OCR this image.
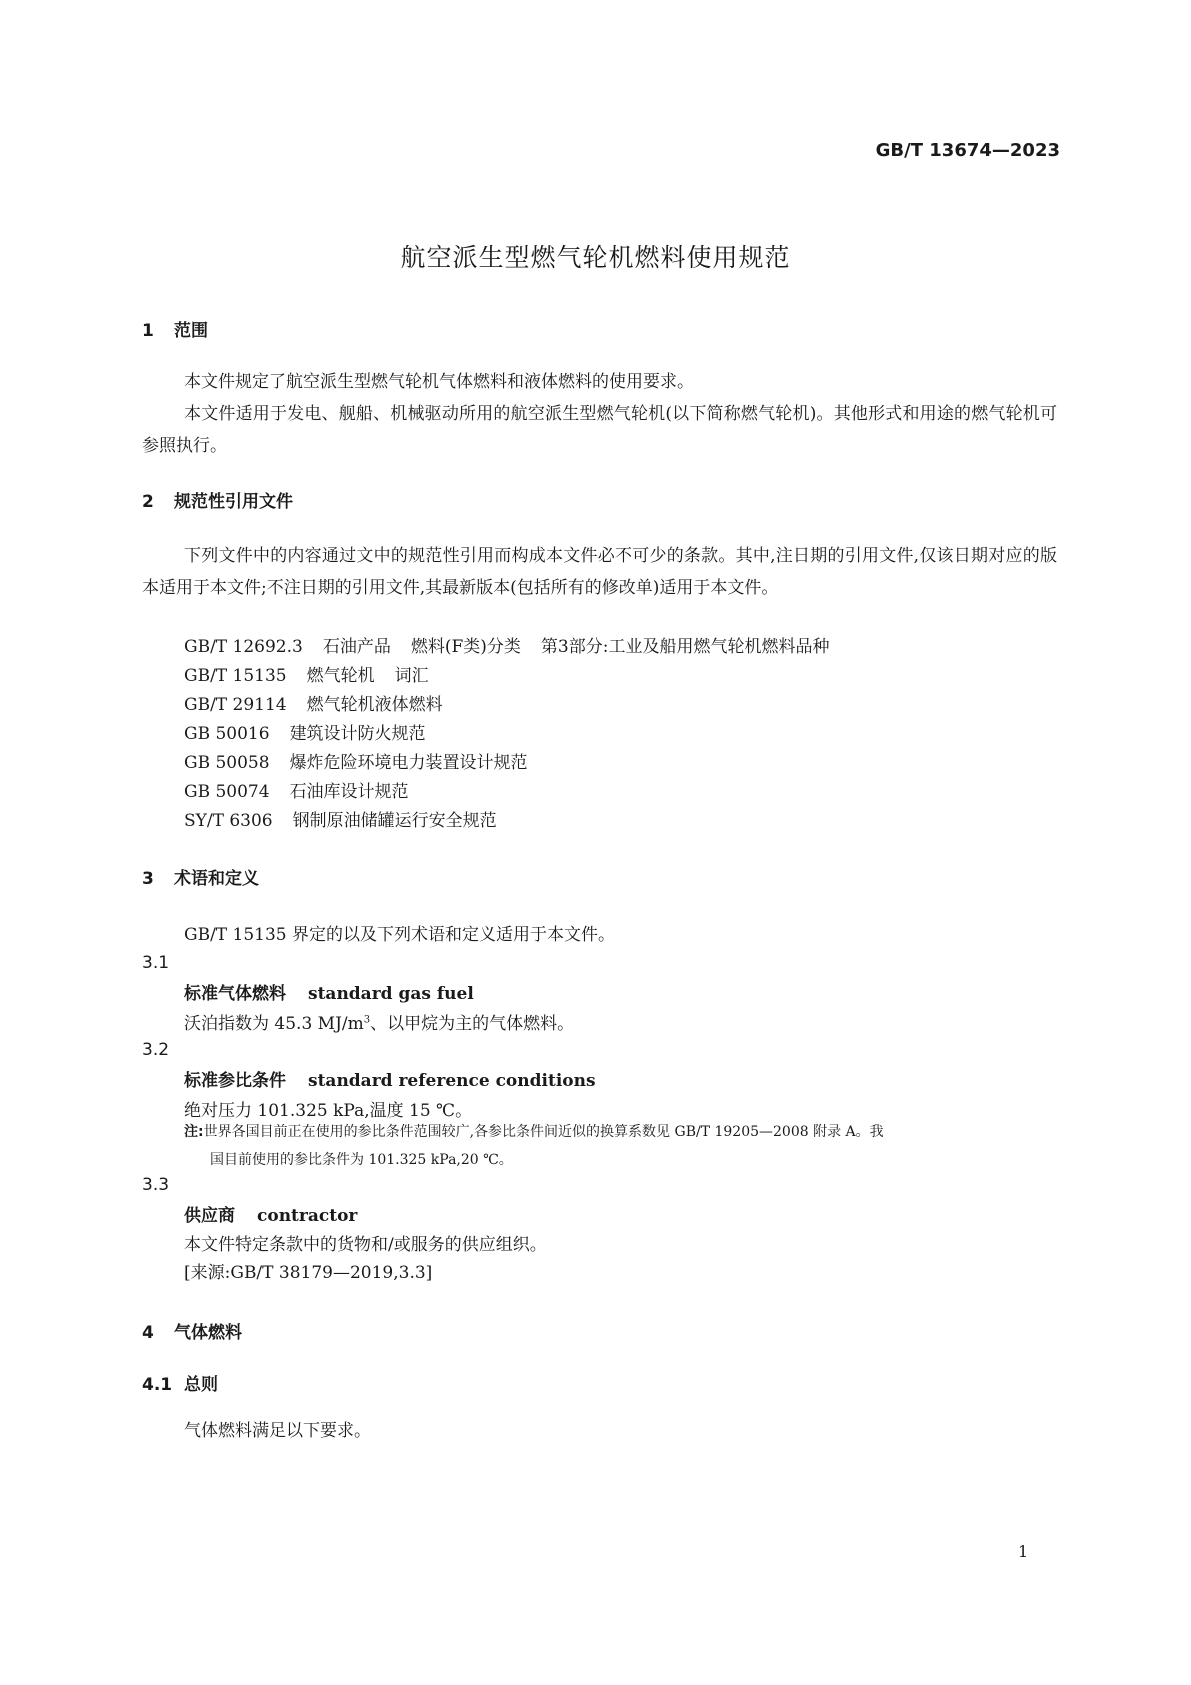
GB/T 13674—2023
航空派生型燃气轮机燃料使用规范
1 范围
本文件规定了航空派生型燃气轮机气体燃料和液体燃料的使用要求。
本文件适用于发电、舰船、机械驱动所用的航空派生型燃气轮机(以下简称燃气轮机)。其他形式和用途的燃气轮机可参照执行。
2 规范性引用文件
下列文件中的内容通过文中的规范性引用而构成本文件必不可少的条款。其中,注日期的引用文件,仅该日期对应的版本适用于本文件;不注日期的引用文件,其最新版本(包括所有的修改单)适用于本文件。
GB/T 12692.3 石油产品 燃料(F类)分类 第3部分:工业及船用燃气轮机燃料品种
GB/T 15135 燃气轮机 词汇
GB/T 29114 燃气轮机液体燃料
GB 50016 建筑设计防火规范
GB 50058 爆炸危险环境电力装置设计规范
GB 50074 石油库设计规范
SY/T 6306 钢制原油储罐运行安全规范
3 术语和定义
GB/T 15135 界定的以及下列术语和定义适用于本文件。
3.1
标准气体燃料 standard gas fuel
沃泊指数为 45.3 $MJ/m^3$、以甲烷为主的气体燃料。
3.2
标准参比条件 standard reference conditions
绝对压力 101.325 kPa,温度 15 ℃。
注:世界各国目前正在使用的参比条件范围较广,各参比条件间近似的换算系数见 GB/T 19205—2008 附录 A。我
国目前使用的参比条件为 101.325 kPa,20 ℃。
3.3
供应商 contractor
本文件特定条款中的货物和/或服务的供应组织。
[来源:GB/T 38179—2019,3.3]
4 气体燃料
4.1 总则
气体燃料满足以下要求。
1
